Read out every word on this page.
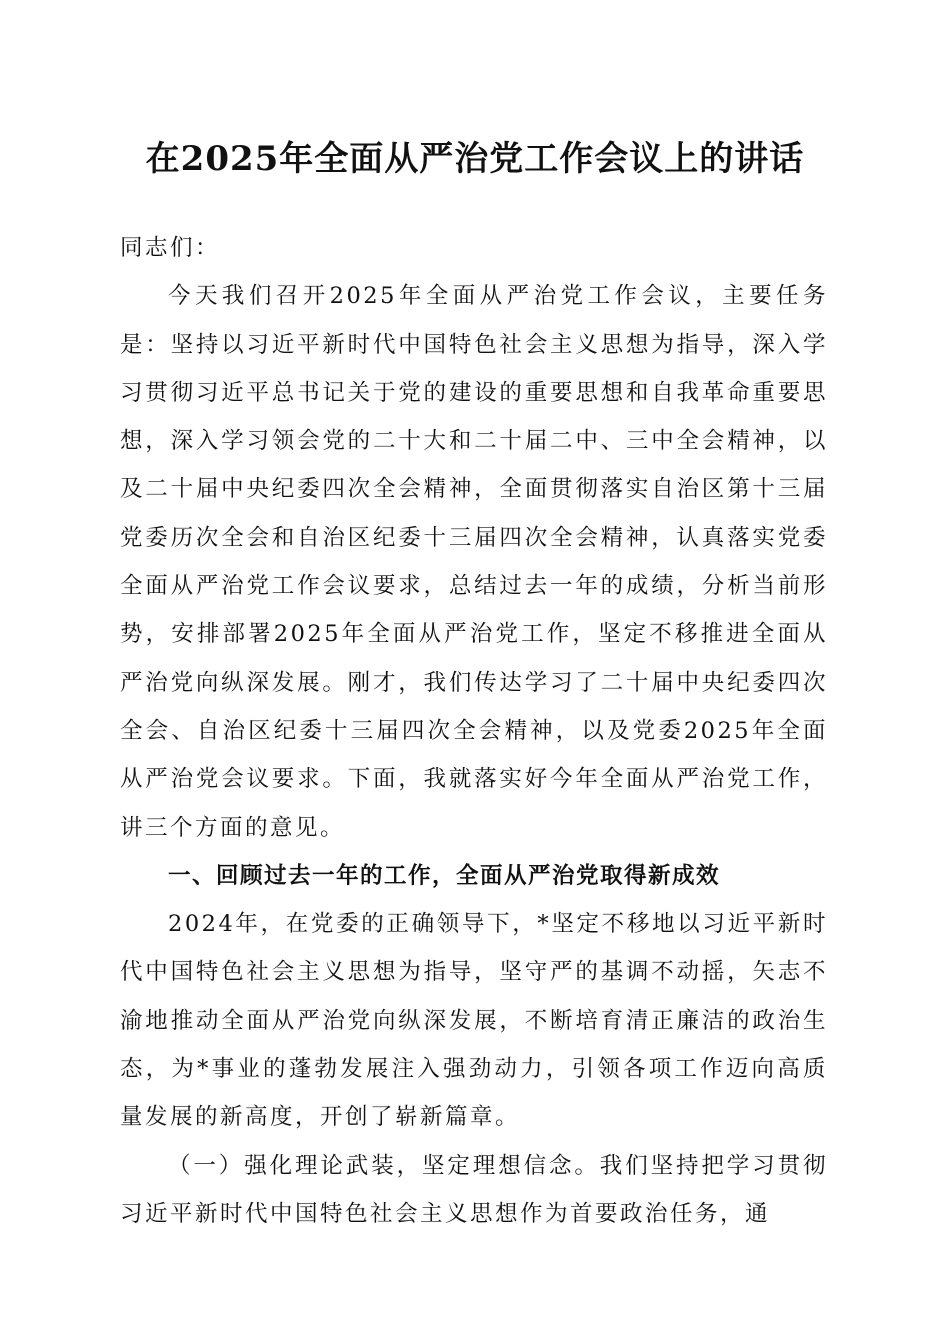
在2025年全面从严治党工作会议上的讲话

同志们：

今天我们召开2025年全面从严治党工作会议，主要任务是：坚持以习近平新时代中国特色社会主义思想为指导，深入学习贯彻习近平总书记关于党的建设的重要思想和自我革命重要思想，深入学习领会党的二十大和二十届二中、三中全会精神，以及二十届中央纪委四次全会精神，全面贯彻落实自治区第十三届党委历次全会和自治区纪委十三届四次全会精神，认真落实党委全面从严治党工作会议要求，总结过去一年的成绩，分析当前形势，安排部署2025年全面从严治党工作，坚定不移推进全面从严治党向纵深发展。刚才，我们传达学习了二十届中央纪委四次全会、自治区纪委十三届四次全会精神，以及党委2025年全面从严治党会议要求。下面，我就落实好今年全面从严治党工作，讲三个方面的意见。

一、回顾过去一年的工作，全面从严治党取得新成效

2024年，在党委的正确领导下，*坚定不移地以习近平新时代中国特色社会主义思想为指导，坚守严的基调不动摇，矢志不渝地推动全面从严治党向纵深发展，不断培育清正廉洁的政治生态，为*事业的蓬勃发展注入强劲动力，引领各项工作迈向高质量发展的新高度，开创了崭新篇章。

（一）强化理论武装，坚定理想信念。我们坚持把学习贯彻习近平新时代中国特色社会主义思想作为首要政治任务，通
